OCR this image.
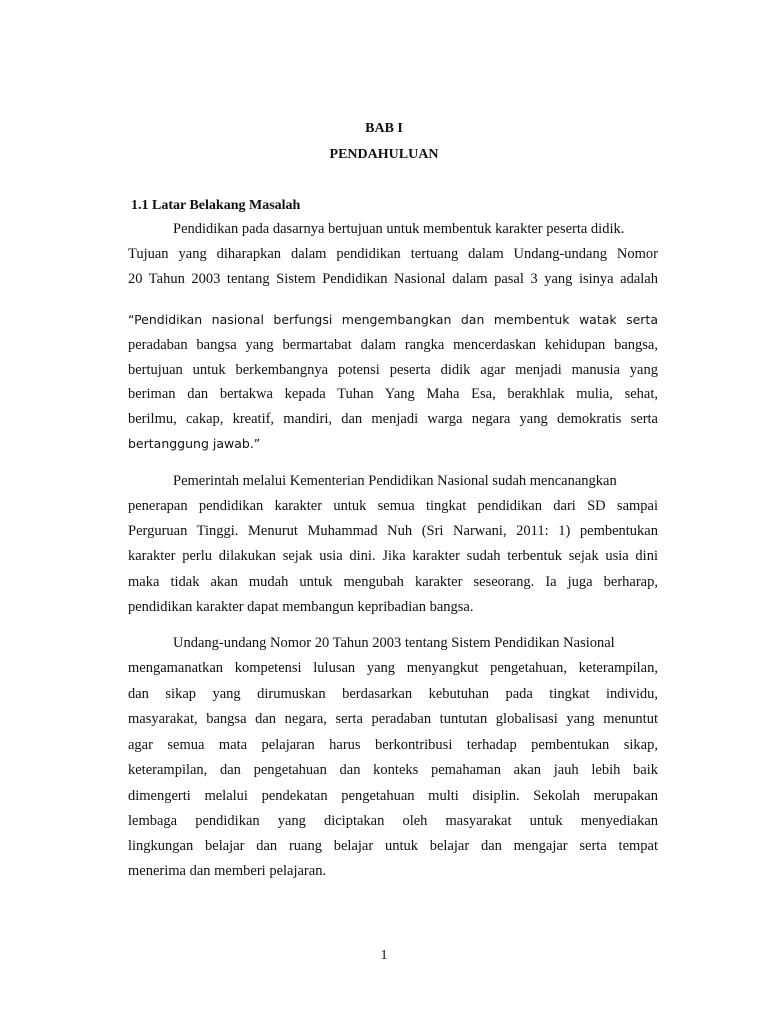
BAB I
PENDAHULUAN
1.1 Latar Belakang Masalah
Pendidikan pada dasarnya bertujuan untuk membentuk karakter peserta didik.
Tujuan yang diharapkan dalam pendidikan tertuang dalam Undang-undang Nomor
20 Tahun 2003 tentang Sistem Pendidikan Nasional dalam pasal 3 yang isinya adalah
“Pendidikan nasional berfungsi mengembangkan dan membentuk watak serta
peradaban bangsa yang bermartabat dalam rangka mencerdaskan kehidupan bangsa,
bertujuan untuk berkembangnya potensi peserta didik agar menjadi manusia yang
beriman dan bertakwa kepada Tuhan Yang Maha Esa, berakhlak mulia, sehat,
berilmu, cakap, kreatif, mandiri, dan menjadi warga negara yang demokratis serta
bertanggung jawab.”
Pemerintah melalui Kementerian Pendidikan Nasional sudah mencanangkan
penerapan pendidikan karakter untuk semua tingkat pendidikan dari SD sampai
Perguruan Tinggi. Menurut Muhammad Nuh (Sri Narwani, 2011: 1) pembentukan
karakter perlu dilakukan sejak usia dini. Jika karakter sudah terbentuk sejak usia dini
maka tidak akan mudah untuk mengubah karakter seseorang. Ia juga berharap,
pendidikan karakter dapat membangun kepribadian bangsa.
Undang-undang Nomor 20 Tahun 2003 tentang Sistem Pendidikan Nasional
mengamanatkan kompetensi lulusan yang menyangkut pengetahuan, keterampilan,
dan sikap yang dirumuskan berdasarkan kebutuhan pada tingkat individu,
masyarakat, bangsa dan negara, serta peradaban tuntutan globalisasi yang menuntut
agar semua mata pelajaran harus berkontribusi terhadap pembentukan sikap,
keterampilan, dan pengetahuan dan konteks pemahaman akan jauh lebih baik
dimengerti melalui pendekatan pengetahuan multi disiplin. Sekolah merupakan
lembaga pendidikan yang diciptakan oleh masyarakat untuk menyediakan
lingkungan belajar dan ruang belajar untuk belajar dan mengajar serta tempat
menerima dan memberi pelajaran.
1
